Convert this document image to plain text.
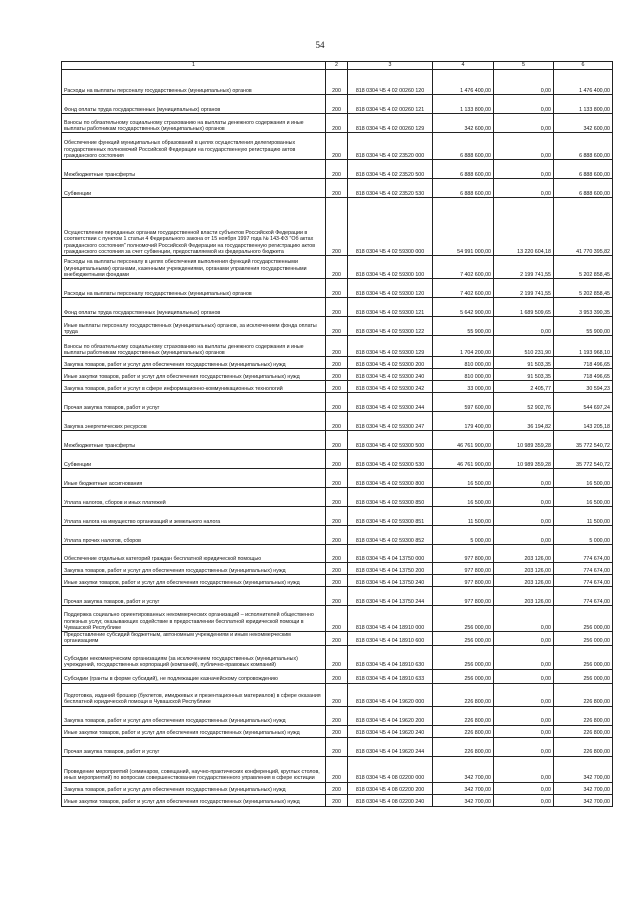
54
1	2	3	4	5	6
Расходы на выплаты персоналу государственных (муниципальных) органов	200	818 0304 Ч5 4 02 00260 120	1 476 400,00	0,00	1 476 400,00
Фонд оплаты труда государственных (муниципальных) органов	200	818 0304 Ч5 4 02 00260 121	1 133 800,00	0,00	1 133 800,00
Взносы по обязательному социальному страхованию на выплаты денежного содержания и иные выплаты работникам государственных (муниципальных) органов	200	818 0304 Ч5 4 02 00260 129	342 600,00	0,00	342 600,00
Обеспечение функций муниципальных образований в целях осуществления делегированных государственных полномочий Российской Федерации на государственную регистрацию актов гражданского состояния	200	818 0304 Ч5 4 02 23520 000	6 888 600,00	0,00	6 888 600,00
Межбюджетные трансферты	200	818 0304 Ч5 4 02 23520 500	6 888 600,00	0,00	6 888 600,00
Субвенции	200	818 0304 Ч5 4 02 23520 530	6 888 600,00	0,00	6 888 600,00
Осуществление переданных органам государственной власти субъектов Российской Федерации в соответствии с пунктом 1 статьи 4 Федерального закона от 15 ноября 1997 года № 143-ФЗ "Об актах гражданского состояния" полномочий Российской Федерации на государственную регистрацию актов гражданского состояния за счет субвенции, предоставляемой из федерального бюджета	200	818 0304 Ч5 4 02 59300 000	54 991 000,00	13 220 604,18	41 770 395,82
Расходы на выплаты персоналу в целях обеспечения выполнения функций государственными (муниципальными) органами, казенными учреждениями, органами управления государственными внебюджетными фондами	200	818 0304 Ч5 4 02 59300 100	7 402 600,00	2 199 741,55	5 202 858,45
Расходы на выплаты персоналу государственных (муниципальных) органов	200	818 0304 Ч5 4 02 59300 120	7 402 600,00	2 199 741,55	5 202 858,45
Фонд оплаты труда государственных (муниципальных) органов	200	818 0304 Ч5 4 02 59300 121	5 642 900,00	1 689 509,65	3 953 390,35
Иные выплаты персоналу государственных (муниципальных) органов, за исключением фонда оплаты труда	200	818 0304 Ч5 4 02 59300 122	55 900,00	0,00	55 900,00
Взносы по обязательному социальному страхованию на выплаты денежного содержания и иные выплаты работникам государственных (муниципальных) органов	200	818 0304 Ч5 4 02 59300 129	1 704 200,00	510 231,90	1 193 968,10
Закупка товаров, работ и услуг для обеспечения государственных (муниципальных) нужд	200	818 0304 Ч5 4 02 59300 200	810 000,00	91 503,35	718 496,65
Иные закупки товаров, работ и услуг для обеспечения государственных (муниципальных) нужд	200	818 0304 Ч5 4 02 59300 240	810 000,00	91 503,35	718 496,65
Закупка товаров, работ и услуг в сфере информационно-коммуникационных технологий	200	818 0304 Ч5 4 02 59300 242	33 000,00	2 405,77	30 594,23
Прочая закупка товаров, работ и услуг	200	818 0304 Ч5 4 02 59300 244	597 600,00	52 902,76	544 697,24
Закупка энергетических ресурсов	200	818 0304 Ч5 4 02 59300 247	179 400,00	36 194,82	143 205,18
Межбюджетные трансферты	200	818 0304 Ч5 4 02 59300 500	46 761 900,00	10 989 359,28	35 772 540,72
Субвенции	200	818 0304 Ч5 4 02 59300 530	46 761 900,00	10 989 359,28	35 772 540,72
Иные бюджетные ассигнования	200	818 0304 Ч5 4 02 59300 800	16 500,00	0,00	16 500,00
Уплата налогов, сборов и иных платежей	200	818 0304 Ч5 4 02 59300 850	16 500,00	0,00	16 500,00
Уплата налога на имущество организаций и земельного налога	200	818 0304 Ч5 4 02 59300 851	11 500,00	0,00	11 500,00
Уплата прочих налогов, сборов	200	818 0304 Ч5 4 02 59300 852	5 000,00	0,00	5 000,00
Обеспечение отдельных категорий граждан бесплатной юридической помощью	200	818 0304 Ч5 4 04 13750 000	977 800,00	203 126,00	774 674,00
Закупка товаров, работ и услуг для обеспечения государственных (муниципальных) нужд	200	818 0304 Ч5 4 04 13750 200	977 800,00	203 126,00	774 674,00
Иные закупки товаров, работ и услуг для обеспечения государственных (муниципальных) нужд	200	818 0304 Ч5 4 04 13750 240	977 800,00	203 126,00	774 674,00
Прочая закупка товаров, работ и услуг	200	818 0304 Ч5 4 04 13750 244	977 800,00	203 126,00	774 674,00
Поддержка социально ориентированных некоммерческих организаций – исполнителей общественно полезных услуг, оказывающих содействие в предоставлении бесплатной юридической помощи в Чувашской Республике	200	818 0304 Ч5 4 04 18910 000	256 000,00	0,00	256 000,00
Предоставление субсидий бюджетным, автономным учреждениям и иным некоммерческим организациям	200	818 0304 Ч5 4 04 18910 600	256 000,00	0,00	256 000,00
Субсидии некоммерческим организациям (за исключением государственных (муниципальных) учреждений, государственных корпораций (компаний), публично-правовых компаний)	200	818 0304 Ч5 4 04 18910 630	256 000,00	0,00	256 000,00
Субсидии (гранты в форме субсидий), не подлежащие казначейскому сопровождению	200	818 0304 Ч5 4 04 18910 633	256 000,00	0,00	256 000,00
Подготовка, изданий брошюр (буклетов, имиджевых и презентационных материалов) в сфере оказания бесплатной юридической помощи в Чувашской Республике	200	818 0304 Ч5 4 04 19620 000	226 800,00	0,00	226 800,00
Закупка товаров, работ и услуг для обеспечения государственных (муниципальных) нужд	200	818 0304 Ч5 4 04 19620 200	226 800,00	0,00	226 800,00
Иные закупки товаров, работ и услуг для обеспечения государственных (муниципальных) нужд	200	818 0304 Ч5 4 04 19620 240	226 800,00	0,00	226 800,00
Прочая закупка товаров, работ и услуг	200	818 0304 Ч5 4 04 19620 244	226 800,00	0,00	226 800,00
Проведение мероприятий (семинаров, совещаний, научно-практических конференций, круглых столов, иных мероприятий) по вопросам совершенствования государственного управления в сфере юстиции	200	818 0304 Ч5 4 08 02200 000	342 700,00	0,00	342 700,00
Закупка товаров, работ и услуг для обеспечения государственных (муниципальных) нужд	200	818 0304 Ч5 4 08 02200 200	342 700,00	0,00	342 700,00
Иные закупки товаров, работ и услуг для обеспечения государственных (муниципальных) нужд	200	818 0304 Ч5 4 08 02200 240	342 700,00	0,00	342 700,00
